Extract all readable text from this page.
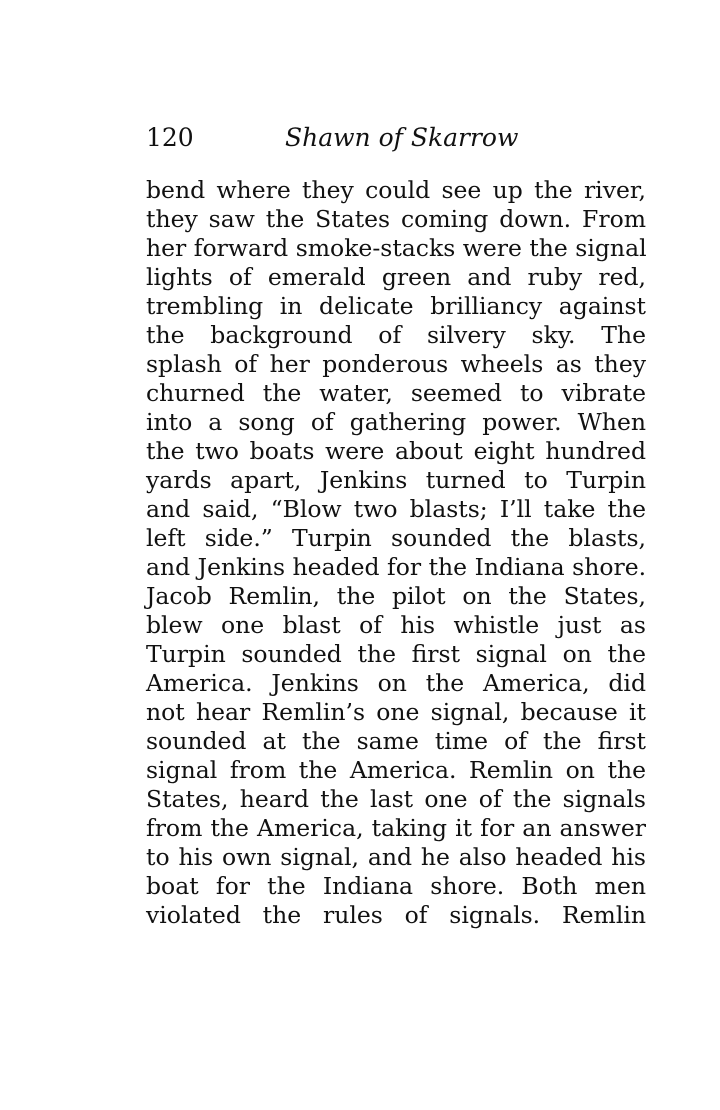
120	Shawn of Skarrow
bend where they could see up the river,
they saw the States coming down. From
her forward smoke-stacks were the signal
lights of emerald green and ruby red,
trembling in delicate brilliancy against
the background of silvery sky. The
splash of her ponderous wheels as they
churned the water, seemed to vibrate
into a song of gathering power. When
the two boats were about eight hundred
yards apart, Jenkins turned to Turpin
and said, “Blow two blasts; I’ll take the
left side.” Turpin sounded the blasts,
and Jenkins headed for the Indiana shore.
Jacob Remlin, the pilot on the States,
blew one blast of his whistle just as
Turpin sounded the first signal on the
America. Jenkins on the America, did
not hear Remlin’s one signal, because it
sounded at the same time of the first
signal from the America. Remlin on the
States, heard the last one of the signals
from the America, taking it for an answer
to his own signal, and he also headed his
boat for the Indiana shore. Both men
violated the rules of signals. Remlin
